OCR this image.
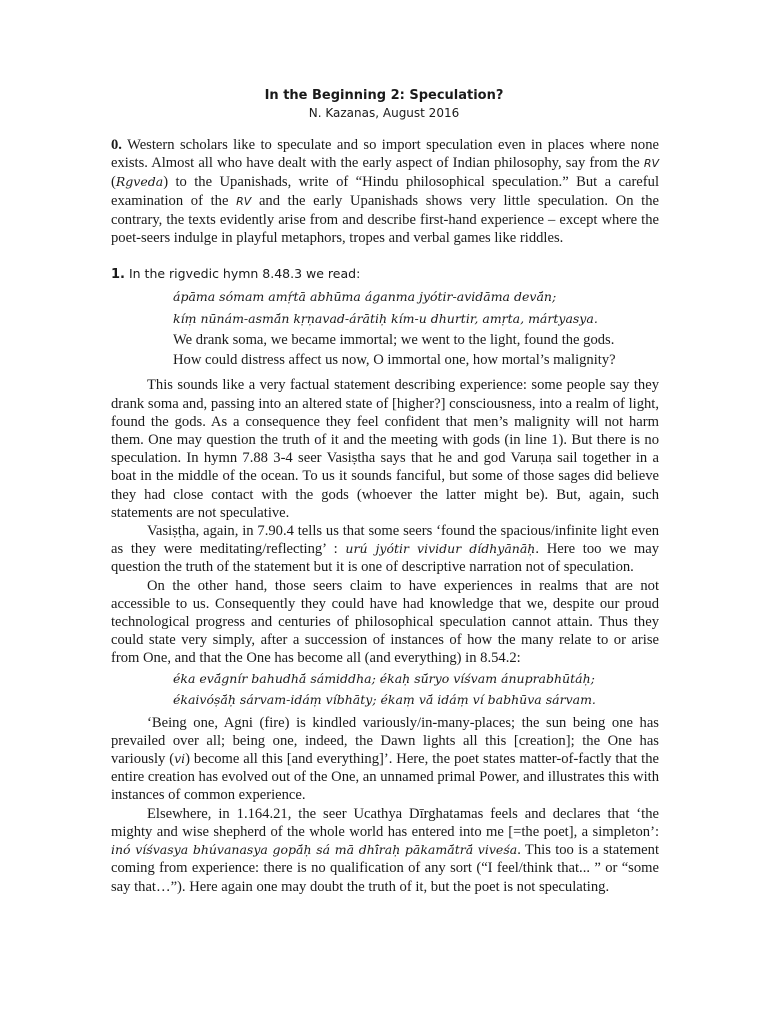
In the Beginning 2: Speculation?

N. Kazanas, August 2016

0. Western scholars like to speculate and so import speculation even in places where none exists. Almost all who have dealt with the early aspect of Indian philosophy, say from the RV (Rgveda) to the Upanishads, write of “Hindu philosophical speculation.” But a careful examination of the RV and the early Upanishads shows very little speculation. On the contrary, the texts evidently arise from and describe first-hand experience – except where the poet-seers indulge in playful metaphors, tropes and verbal games like riddles.

1. In the rigvedic hymn 8.48.3 we read:

ápāma sómam amṛ́tā abhūma áganma jyótir-avidāma devā́n;

kíṃ nūnám-asmā́n kṛṇavad-árātiḥ kím-u dhurtir, amṛta, mártyasya.

We drank soma, we became immortal; we went to the light, found the gods.

How could distress affect us now, O immortal one, how mortal’s malignity?

This sounds like a very factual statement describing experience: some people say they drank soma and, passing into an altered state of [higher?] consciousness, into a realm of light, found the gods. As a consequence they feel confident that men’s malignity will not harm them. One may question the truth of it and the meeting with gods (in line 1). But there is no speculation. In hymn 7.88 3-4 seer Vasiṣtha says that he and god Varuṇa sail together in a boat in the middle of the ocean. To us it sounds fanciful, but some of those sages did believe they had close contact with the gods (whoever the latter might be). But, again, such statements are not speculative.

Vasiṣṭha, again, in 7.90.4 tells us that some seers ‘found the spacious/infinite light even as they were meditating/reflecting’ : urú jyótir vividur dídhyānāḥ. Here too we may question the truth of the statement but it is one of descriptive narration not of speculation.

On the other hand, those seers claim to have experiences in realms that are not accessible to us. Consequently they could have had knowledge that we, despite our proud technological progress and centuries of philosophical speculation cannot attain. Thus they could state very simply, after a succession of instances of how the many relate to or arise from One, and that the One has become all (and everything) in 8.54.2:

éka evā́gnír bahudhā́ sámiddha; ékaḥ sū́ryo víśvam ánuprabhūtáḥ;

ékaivóṣā́ḥ sárvam-idáṃ víbhāty; ékaṃ vā́ idáṃ ví babhūva sárvam.

‘Being one, Agni (fire) is kindled variously/in-many-places; the sun being one has prevailed over all; being one, indeed, the Dawn lights all this [creation]; the One has variously (vi) become all this [and everything]’. Here, the poet states matter-of-factly that the entire creation has evolved out of the One, an unnamed primal Power, and illustrates this with instances of common experience.

Elsewhere, in 1.164.21, the seer Ucathya Dīrghatamas feels and declares that ‘the mighty and wise shepherd of the whole world has entered into me [=the poet], a simpleton’: inó víśvasya bhúvanasya gopā́ḥ sá mā dhī́raḥ pākamā́trā́ viveśa. This too is a statement coming from experience: there is no qualification of any sort (“I feel/think that... ” or “some say that…”). Here again one may doubt the truth of it, but the poet is not speculating.
